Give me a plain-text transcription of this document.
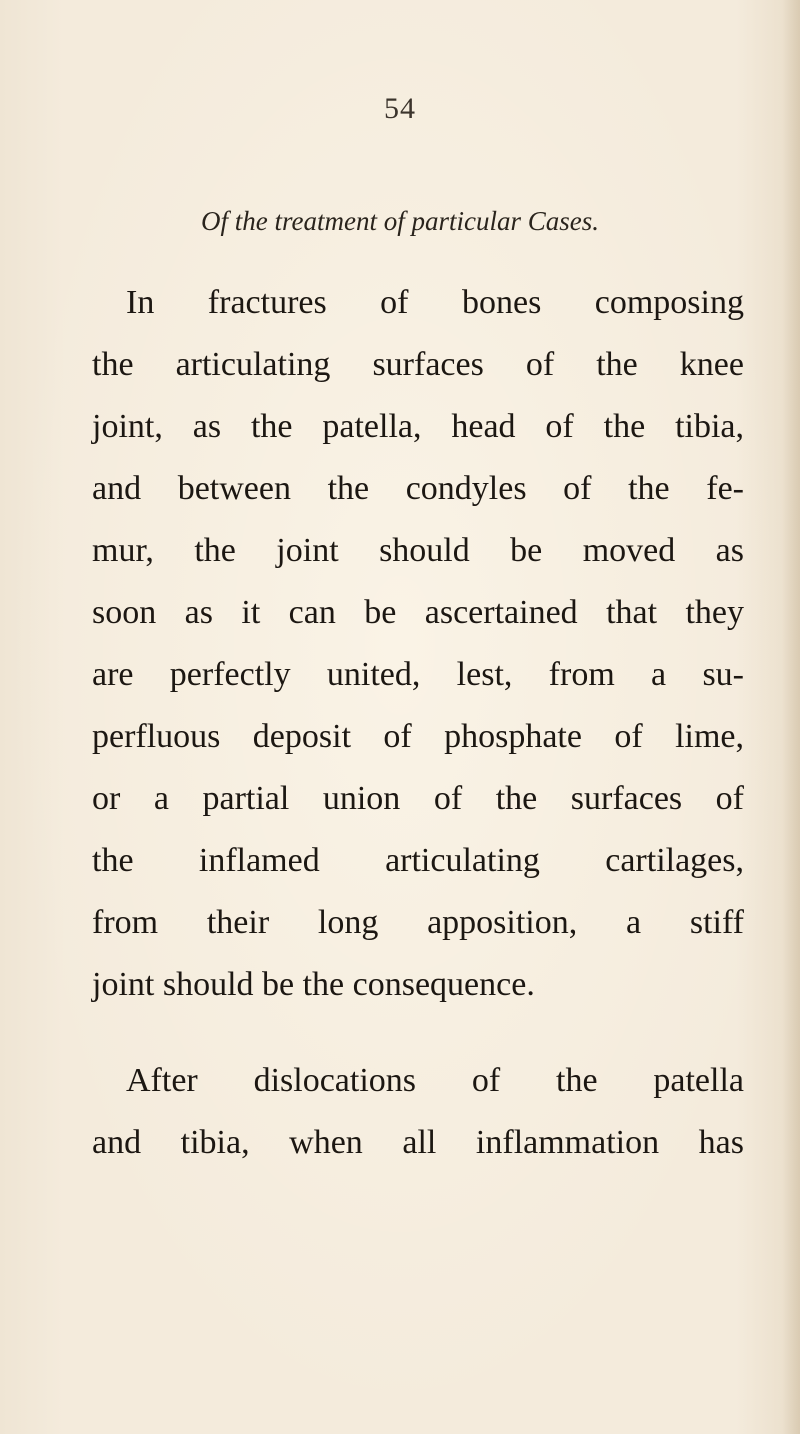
54
Of the treatment of particular Cases.

In fractures of bones composing
the articulating surfaces of the knee
joint, as the patella, head of the tibia,
and between the condyles of the fe-
mur, the joint should be moved as
soon as it can be ascertained that they
are perfectly united, lest, from a su-
perfluous deposit of phosphate of lime,
or a partial union of the surfaces of
the inflamed articulating cartilages,
from their long apposition, a stiff
joint should be the consequence.

After dislocations of the patella
and tibia, when all inflammation has
